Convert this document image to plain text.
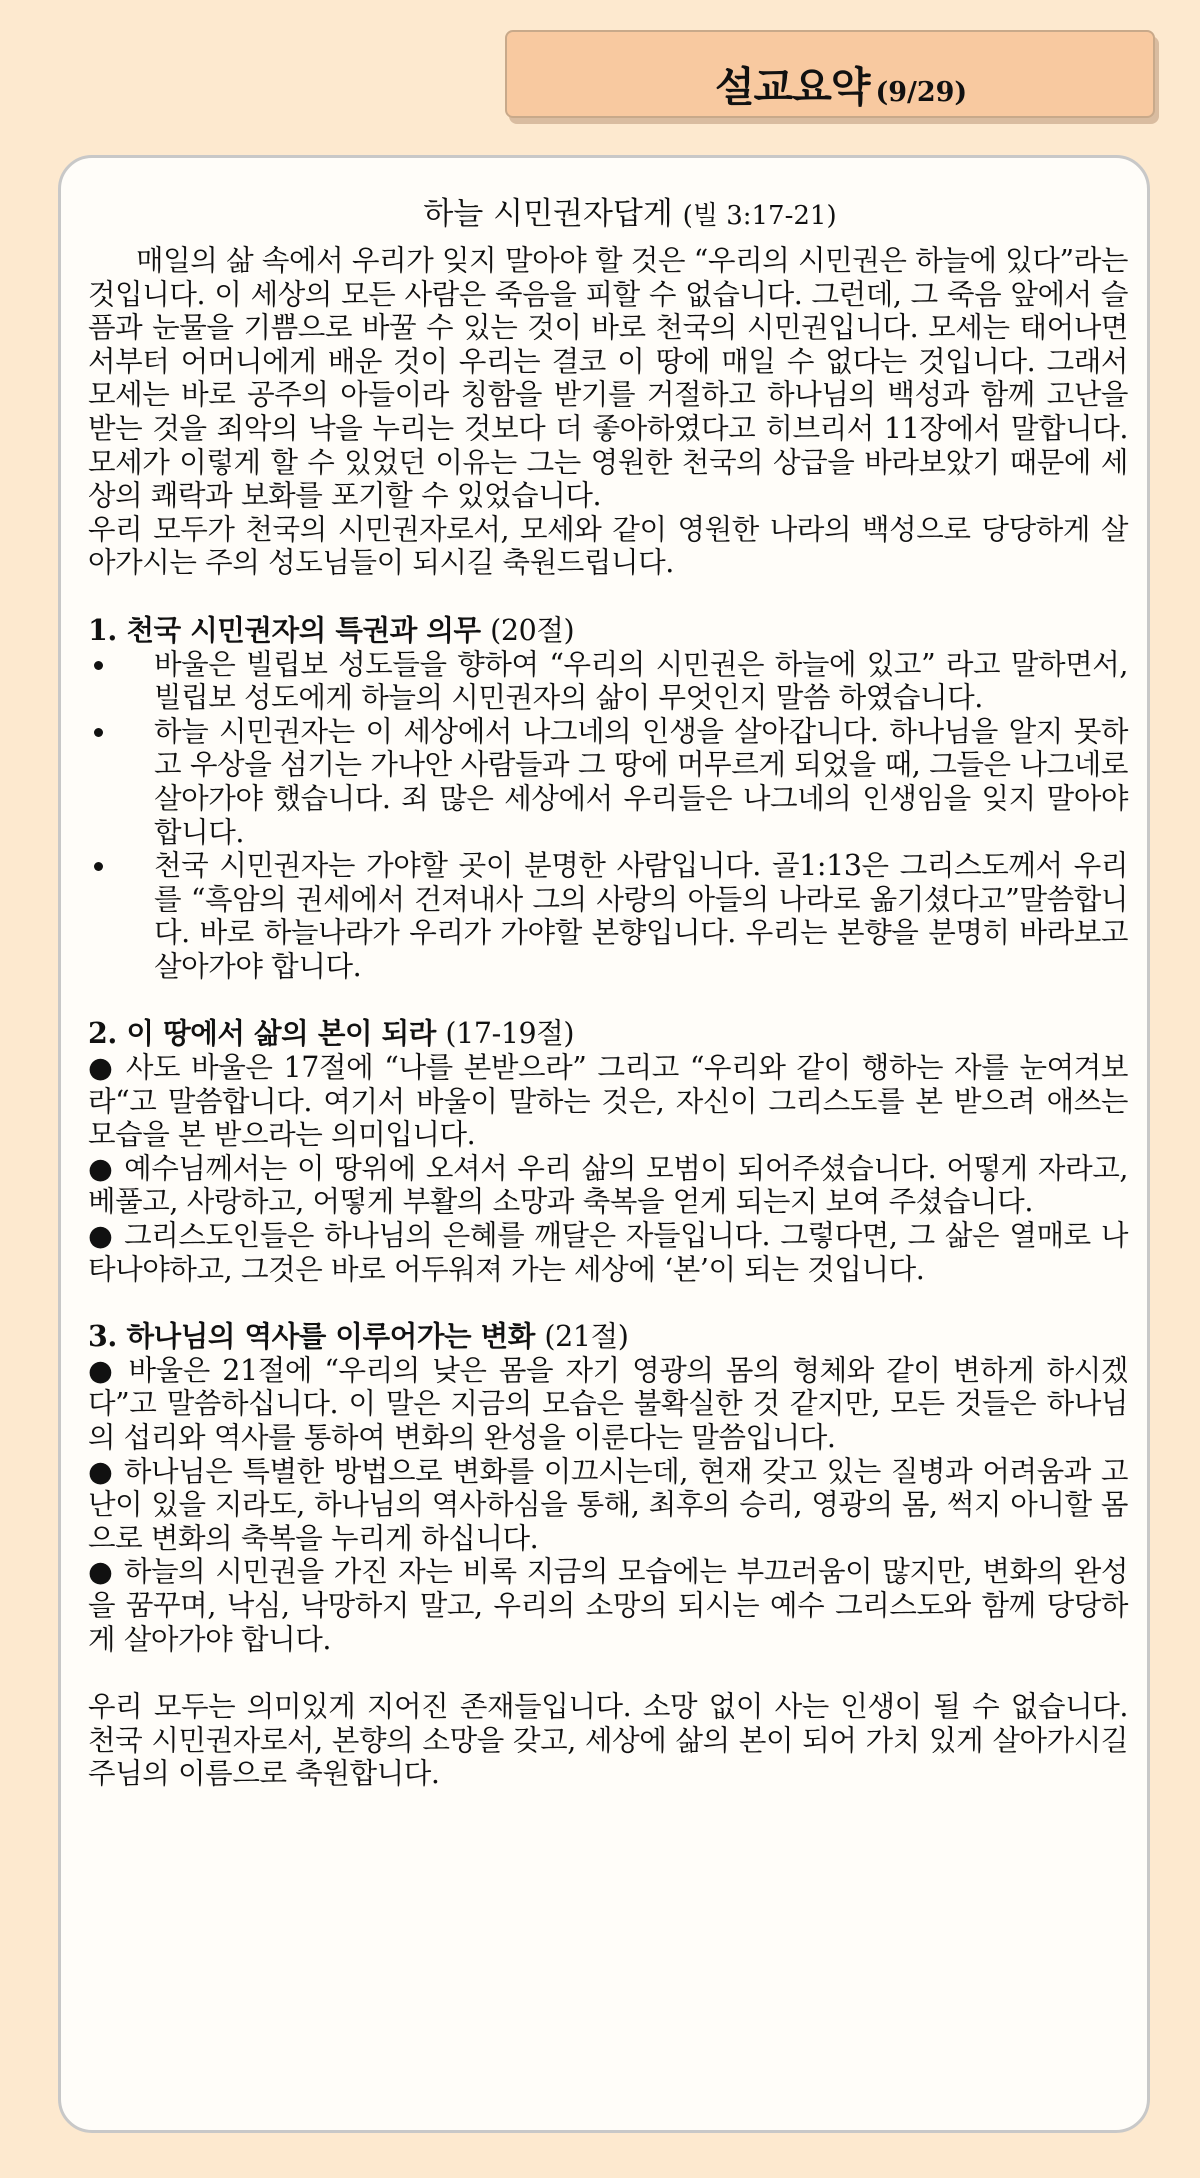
설교요약 (9/29)
하늘 시민권자답게 (빌 3:17-21)

매일의 삶 속에서 우리가 잊지 말아야 할 것은 “우리의 시민권은 하늘에 있다”라는 것입니다. 이 세상의 모든 사람은 죽음을 피할 수 없습니다. 그런데, 그 죽음 앞에서 슬픔과 눈물을 기쁨으로 바꿀 수 있는 것이 바로 천국의 시민권입니다. 모세는 태어나면서부터 어머니에게 배운 것이 우리는 결코 이 땅에 매일 수 없다는 것입니다. 그래서 모세는 바로 공주의 아들이라 칭함을 받기를 거절하고 하나님의 백성과 함께 고난을 받는 것을 죄악의 낙을 누리는 것보다 더 좋아하였다고 히브리서 11장에서 말합니다. 모세가 이렇게 할 수 있었던 이유는 그는 영원한 천국의 상급을 바라보았기 때문에 세상의 쾌락과 보화를 포기할 수 있었습니다.

우리 모두가 천국의 시민권자로서, 모세와 같이 영원한 나라의 백성으로 당당하게 살아가시는 주의 성도님들이 되시길 축원드립니다.

1. 천국 시민권자의 특권과 의무 (20절)

바울은 빌립보 성도들을 향하여 “우리의 시민권은 하늘에 있고” 라고 말하면서, 빌립보 성도에게 하늘의 시민권자의 삶이 무엇인지 말씀 하였습니다.
하늘 시민권자는 이 세상에서 나그네의 인생을 살아갑니다. 하나님을 알지 못하고 우상을 섬기는 가나안 사람들과 그 땅에 머무르게 되었을 때, 그들은 나그네로 살아가야 했습니다. 죄 많은 세상에서 우리들은 나그네의 인생임을 잊지 말아야 합니다.
천국 시민권자는 가야할 곳이 분명한 사람입니다. 골1:13은 그리스도께서 우리를 “흑암의 권세에서 건져내사 그의 사랑의 아들의 나라로 옮기셨다고”말씀합니다. 바로 하늘나라가 우리가 가야할 본향입니다. 우리는 본향을 분명히 바라보고 살아가야 합니다.

2. 이 땅에서 삶의 본이 되라 (17-19절)

● 사도 바울은 17절에 “나를 본받으라” 그리고 “우리와 같이 행하는 자를 눈여겨보라“고 말씀합니다. 여기서 바울이 말하는 것은, 자신이 그리스도를 본 받으려 애쓰는 모습을 본 받으라는 의미입니다.

● 예수님께서는 이 땅위에 오셔서 우리 삶의 모범이 되어주셨습니다. 어떻게 자라고, 베풀고, 사랑하고, 어떻게 부활의 소망과 축복을 얻게 되는지 보여 주셨습니다.

● 그리스도인들은 하나님의 은혜를 깨달은 자들입니다. 그렇다면, 그 삶은 열매로 나타나야하고, 그것은 바로 어두워져 가는 세상에 ‘본’이 되는 것입니다.

3. 하나님의 역사를 이루어가는 변화 (21절)

● 바울은 21절에 “우리의 낮은 몸을 자기 영광의 몸의 형체와 같이 변하게 하시겠다”고 말씀하십니다. 이 말은 지금의 모습은 불확실한 것 같지만, 모든 것들은 하나님의 섭리와 역사를 통하여 변화의 완성을 이룬다는 말씀입니다.

● 하나님은 특별한 방법으로 변화를 이끄시는데, 현재 갖고 있는 질병과 어려움과 고난이 있을 지라도, 하나님의 역사하심을 통해, 최후의 승리, 영광의 몸, 썩지 아니할 몸으로 변화의 축복을 누리게 하십니다.

● 하늘의 시민권을 가진 자는 비록 지금의 모습에는 부끄러움이 많지만, 변화의 완성을 꿈꾸며, 낙심, 낙망하지 말고, 우리의 소망의 되시는 예수 그리스도와 함께 당당하게 살아가야 합니다.

우리 모두는 의미있게 지어진 존재들입니다. 소망 없이 사는 인생이 될 수 없습니다. 천국 시민권자로서, 본향의 소망을 갖고, 세상에 삶의 본이 되어 가치 있게 살아가시길 주님의 이름으로 축원합니다.
